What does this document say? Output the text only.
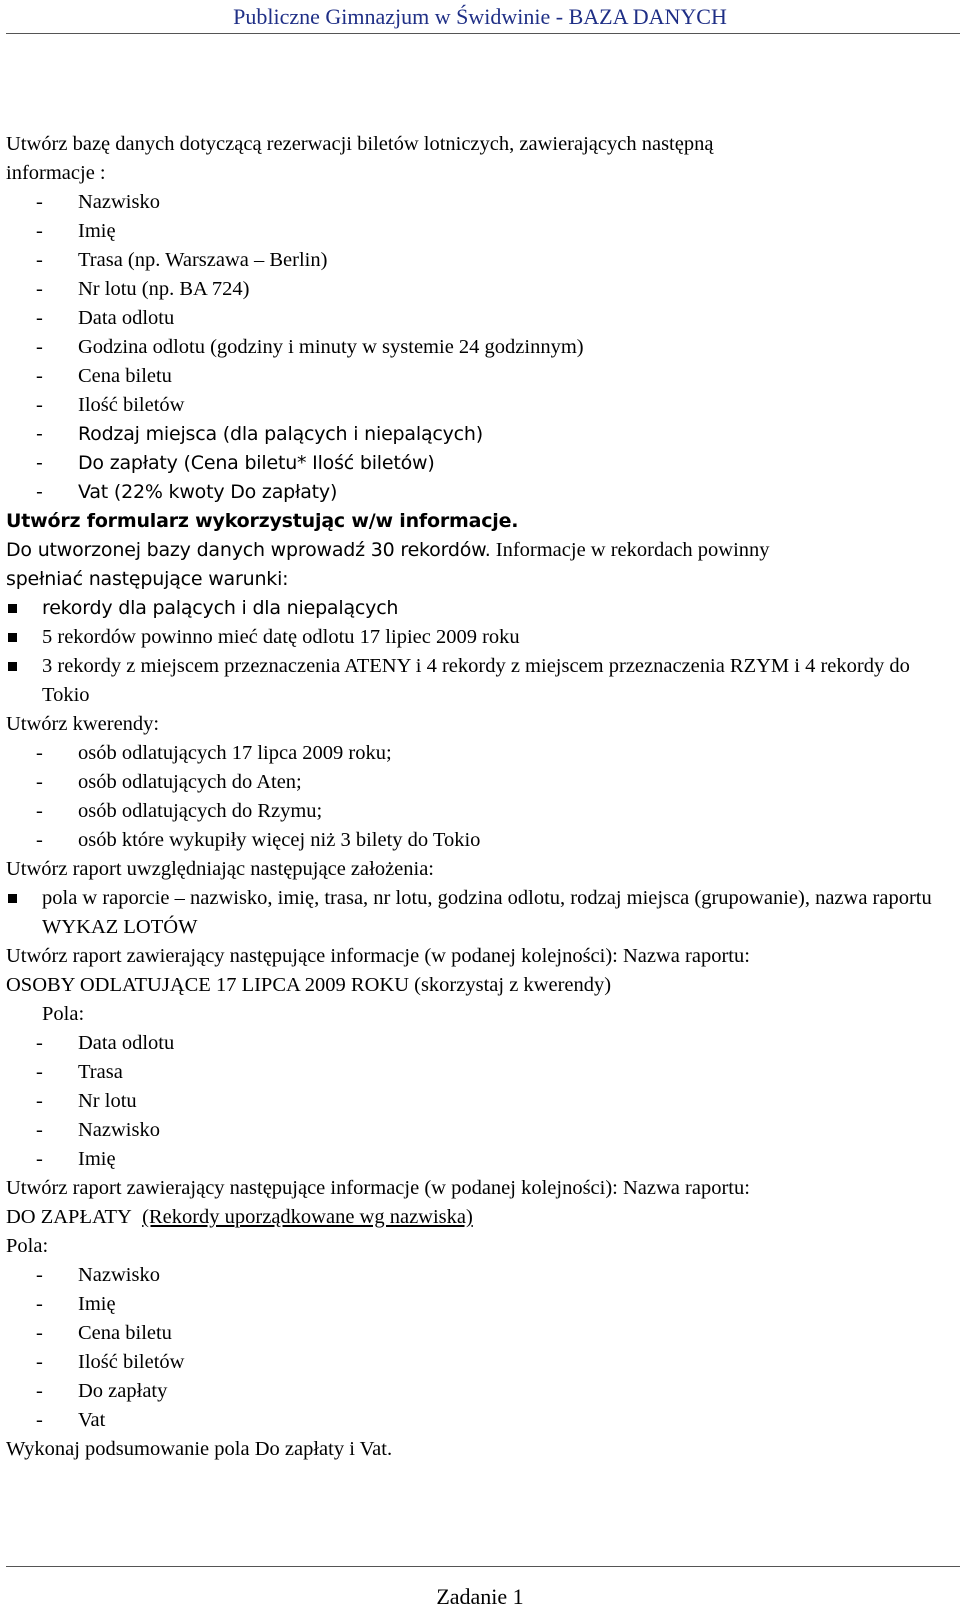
Publiczne Gimnazjum w Świdwinie - BAZA DANYCH

Utwórz bazę danych dotyczącą rezerwacji biletów lotniczych, zawierających następną

informacje :

- Nazwisko

- Imię

- Trasa (np. Warszawa – Berlin)

- Nr lotu (np. BA 724)

- Data odlotu

- Godzina odlotu (godziny i minuty w systemie 24 godzinnym)

- Cena biletu

- Ilość biletów

- Rodzaj miejsca (dla palących i niepalących)

- Do zapłaty (Cena biletu* Ilość biletów)

- Vat (22% kwoty Do zapłaty)

Utwórz formularz wykorzystując w/w informacje.

Do utworzonej bazy danych wprowadź 30 rekordów. Informacje w rekordach powinny

spełniać następujące warunki:

rekordy dla palących i dla niepalących

5 rekordów powinno mieć datę odlotu 17 lipiec 2009 roku

3 rekordy z miejscem przeznaczenia ATENY i 4 rekordy z miejscem przeznaczenia RZYM i 4 rekordy do Tokio

Utwórz kwerendy:

- osób odlatujących 17 lipca 2009 roku;

- osób odlatujących do Aten;

- osób odlatujących do Rzymu;

- osób które wykupiły więcej niż 3 bilety do Tokio

Utwórz raport uwzględniając następujące założenia:

pola w raporcie – nazwisko, imię, trasa, nr lotu, godzina odlotu, rodzaj miejsca (grupowanie), nazwa raportu WYKAZ LOTÓW

Utwórz raport zawierający następujące informacje (w podanej kolejności): Nazwa raportu:

OSOBY ODLATUJĄCE 17 LIPCA 2009 ROKU (skorzystaj z kwerendy)

Pola:

- Data odlotu

- Trasa

- Nr lotu

- Nazwisko

- Imię

Utwórz raport zawierający następujące informacje (w podanej kolejności): Nazwa raportu:

DO ZAPŁATY (Rekordy uporządkowane wg nazwiska)

Pola:

- Nazwisko

- Imię

- Cena biletu

- Ilość biletów

- Do zapłaty

- Vat

Wykonaj podsumowanie pola Do zapłaty i Vat.

Zadanie 1
